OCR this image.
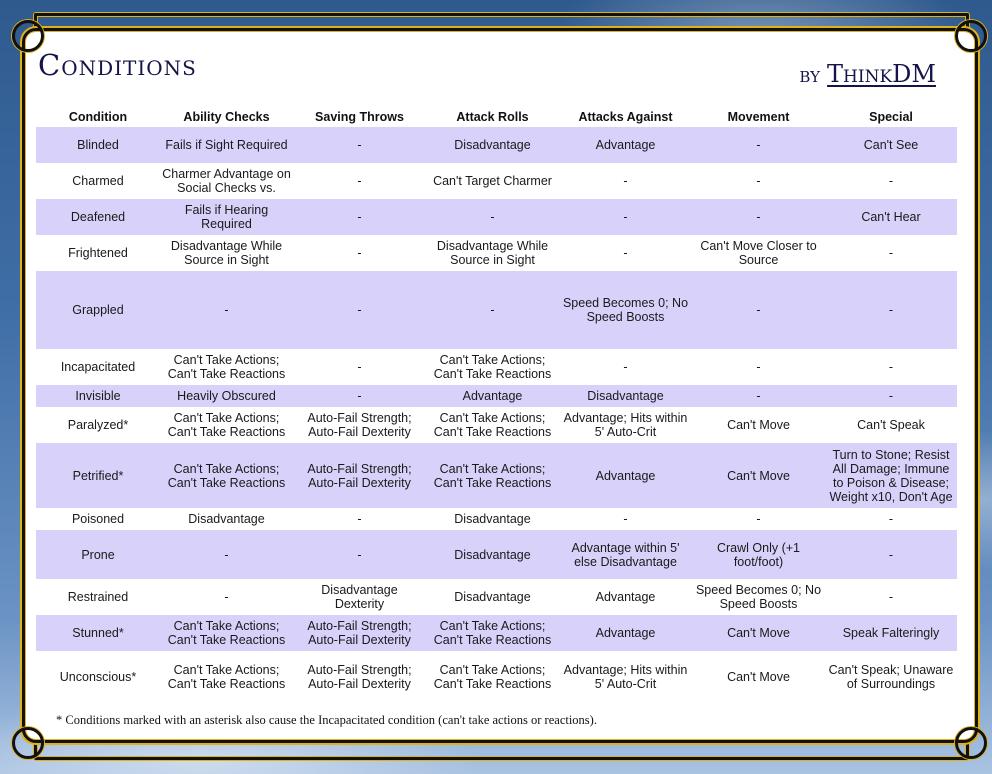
Conditions	by ThinkDM
Condition	Ability Checks	Saving Throws	Attack Rolls	Attacks Against	Movement	Special
Blinded	Fails if Sight Required	-	Disadvantage	Advantage	-	Can't See
Charmed	Charmer Advantage on Social Checks vs.	-	Can't Target Charmer	-	-	-
Deafened	Fails if Hearing Required	-	-	-	-	Can't Hear
Frightened	Disadvantage While Source in Sight	-	Disadvantage While Source in Sight	-	Can't Move Closer to Source	-
Grappled	-	-	-	Speed Becomes 0; No Speed Boosts	-	-
Incapacitated	Can't Take Actions; Can't Take Reactions	-	Can't Take Actions; Can't Take Reactions	-	-	-
Invisible	Heavily Obscured	-	Advantage	Disadvantage	-	-
Paralyzed*	Can't Take Actions; Can't Take Reactions	Auto-Fail Strength; Auto-Fail Dexterity	Can't Take Actions; Can't Take Reactions	Advantage; Hits within 5' Auto-Crit	Can't Move	Can't Speak
Petrified*	Can't Take Actions; Can't Take Reactions	Auto-Fail Strength; Auto-Fail Dexterity	Can't Take Actions; Can't Take Reactions	Advantage	Can't Move	Turn to Stone; Resist All Damage; Immune to Poison & Disease; Weight x10, Don't Age
Poisoned	Disadvantage	-	Disadvantage	-	-	-
Prone	-	-	Disadvantage	Advantage within 5' else Disadvantage	Crawl Only (+1 foot/foot)	-
Restrained	-	Disadvantage Dexterity	Disadvantage	Advantage	Speed Becomes 0; No Speed Boosts	-
Stunned*	Can't Take Actions; Can't Take Reactions	Auto-Fail Strength; Auto-Fail Dexterity	Can't Take Actions; Can't Take Reactions	Advantage	Can't Move	Speak Falteringly
Unconscious*	Can't Take Actions; Can't Take Reactions	Auto-Fail Strength; Auto-Fail Dexterity	Can't Take Actions; Can't Take Reactions	Advantage; Hits within 5' Auto-Crit	Can't Move	Can't Speak; Unaware of Surroundings
* Conditions marked with an asterisk also cause the Incapacitated condition (can't take actions or reactions).
